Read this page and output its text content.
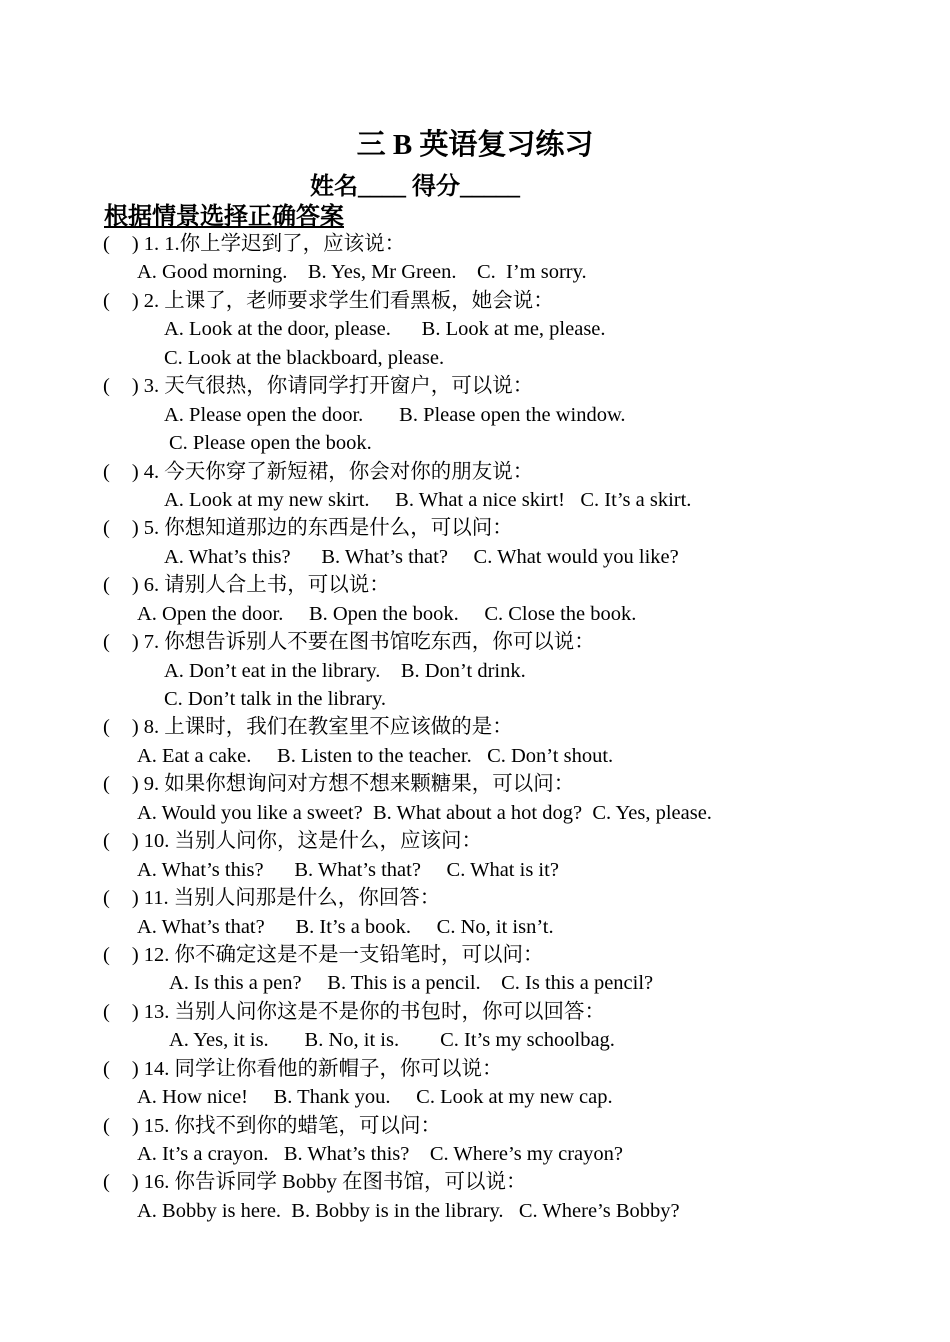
三 B 英语复习练习
姓名____ 得分_____
根据情景选择正确答案
( ) 1. 1.你上学迟到了，应该说：
A. Good morning.    B. Yes, Mr Green.    C.  I’m sorry.
( ) 2. 上课了，老师要求学生们看黑板，她会说：
A. Look at the door, please.      B. Look at me, please.
C. Look at the blackboard, please.
( ) 3. 天气很热，你请同学打开窗户，可以说：
A. Please open the door.       B. Please open the window.
C. Please open the book.
( ) 4. 今天你穿了新短裙，你会对你的朋友说：
A. Look at my new skirt.     B. What a nice skirt!   C. It’s a skirt.
( ) 5. 你想知道那边的东西是什么，可以问：
A. What’s this?      B. What’s that?     C. What would you like?
( ) 6. 请别人合上书，可以说：
A. Open the door.     B. Open the book.     C. Close the book.
( ) 7. 你想告诉别人不要在图书馆吃东西，你可以说：
A. Don’t eat in the library.    B. Don’t drink.
C. Don’t talk in the library.
( ) 8. 上课时，我们在教室里不应该做的是：
A. Eat a cake.     B. Listen to the teacher.   C. Don’t shout.
( ) 9. 如果你想询问对方想不想来颗糖果，可以问：
A. Would you like a sweet?  B. What about a hot dog?  C. Yes, please.
( ) 10. 当别人问你，这是什么，应该问：
A. What’s this?      B. What’s that?     C. What is it?
( ) 11. 当别人问那是什么，你回答：
A. What’s that?      B. It’s a book.     C. No, it isn’t.
( ) 12. 你不确定这是不是一支铅笔时，可以问：
A. Is this a pen?     B. This is a pencil.    C. Is this a pencil?
( ) 13. 当别人问你这是不是你的书包时，你可以回答：
A. Yes, it is.       B. No, it is.        C. It’s my schoolbag.
( ) 14. 同学让你看他的新帽子，你可以说：
A. How nice!     B. Thank you.     C. Look at my new cap.
( ) 15. 你找不到你的蜡笔，可以问：
A. It’s a crayon.   B. What’s this?    C. Where’s my crayon?
( ) 16. 你告诉同学 Bobby 在图书馆，可以说：
A. Bobby is here.  B. Bobby is in the library.   C. Where’s Bobby?
